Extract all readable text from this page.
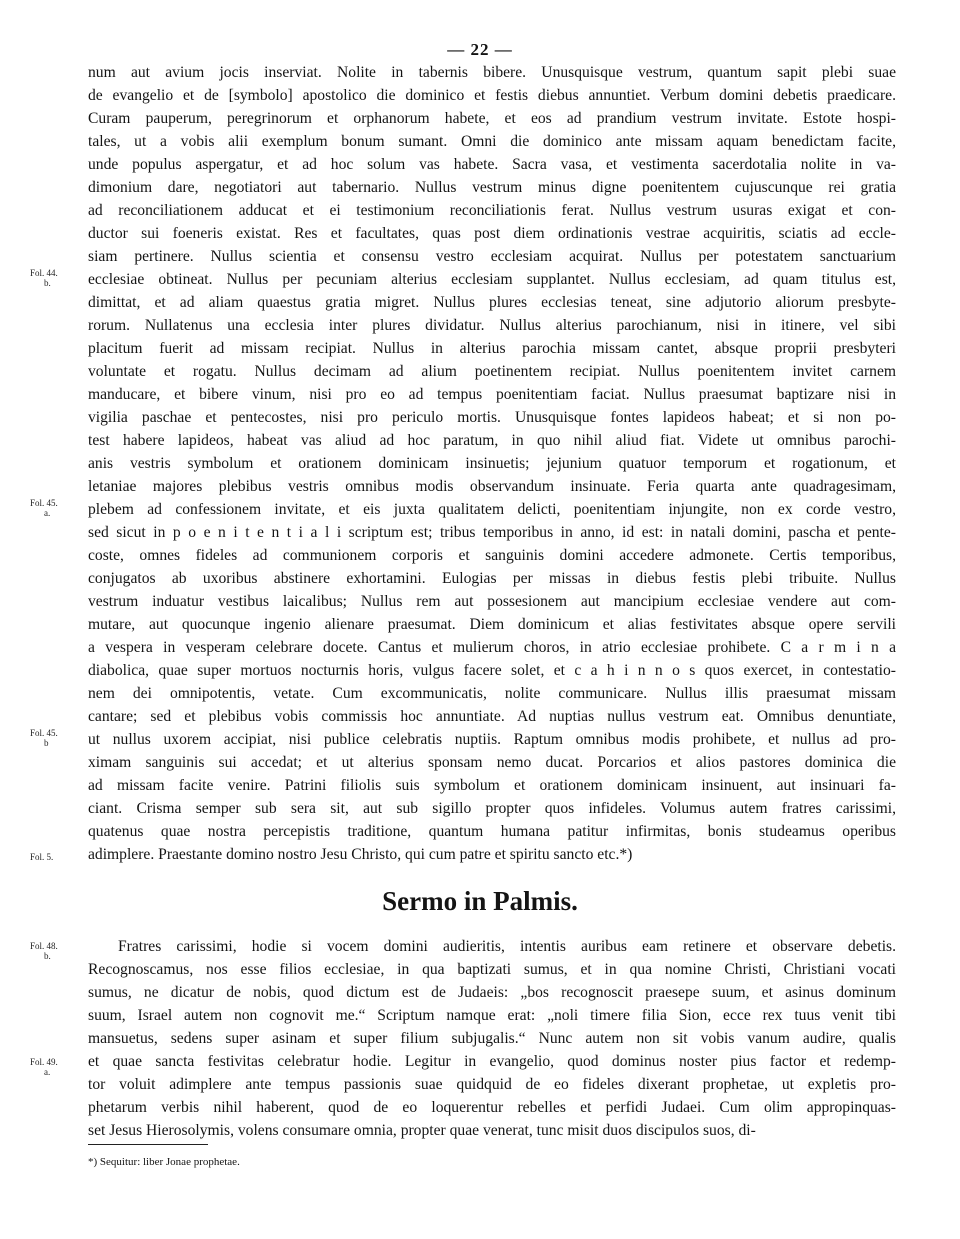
— 22 —
num aut avium jocis inserviat. Nolite in tabernis bibere. Unusquisque vestrum, quantum sapit plebi suae
de evangelio et de [symbolo] apostolico die dominico et festis diebus annuntiet. Verbum domini debetis praedicare.
Curam pauperum, peregrinorum et orphanorum habete, et eos ad prandium vestrum invitate. Estote hospi-
tales, ut a vobis alii exemplum bonum sumant. Omni die dominico ante missam aquam benedictam facite,
unde populus aspergatur, et ad hoc solum vas habete. Sacra vasa, et vestimenta sacerdotalia nolite in va-
dimonium dare, negotiatori aut tabernario. Nullus vestrum minus digne poenitentem cujuscunque rei gratia
ad reconciliationem adducat et ei testimonium reconciliationis ferat. Nullus vestrum usuras exigat et con-
ductor sui foeneris existat. Res et facultates, quas post diem ordinationis vestrae acquiritis, sciatis ad eccle-
siam pertinere. Nullus scientia et consensu vestro ecclesiam acquirat. Nullus per potestatem sanctuarium
ecclesiae obtineat. Nullus per pecuniam alterius ecclesiam supplantet. Nullus ecclesiam, ad quam titulus est,
dimittat, et ad aliam quaestus gratia migret. Nullus plures ecclesias teneat, sine adjutorio aliorum presbyte-
rorum. Nullatenus una ecclesia inter plures dividatur. Nullus alterius parochianum, nisi in itinere, vel sibi
placitum fuerit ad missam recipiat. Nullus in alterius parochia missam cantet, absque proprii presbyteri
voluntate et rogatu. Nullus decimam ad alium poetinentem recipiat. Nullus poenitentem invitet carnem
manducare, et bibere vinum, nisi pro eo ad tempus poenitentiam faciat. Nullus praesumat baptizare nisi in
vigilia paschae et pentecostes, nisi pro periculo mortis. Unusquisque fontes lapideos habeat; et si non po-
test habere lapideos, habeat vas aliud ad hoc paratum, in quo nihil aliud fiat. Videte ut omnibus parochi-
anis vestris symbolum et orationem dominicam insinuetis; jejunium quatuor temporum et rogationum, et
letaniae majores plebibus vestris omnibus modis observandum insinuate. Feria quarta ante quadragesimam,
plebem ad confessionem invitate, et eis juxta qualitatem delicti, poenitentiam injungite, non ex corde vestro,
sed sicut in p o e n i t e n t i a l i scriptum est; tribus temporibus in anno, id est: in natali domini, pascha et pente-
coste, omnes fideles ad communionem corporis et sanguinis domini accedere admonete. Certis temporibus,
conjugatos ab uxoribus abstinere exhortamini. Eulogias per missas in diebus festis plebi tribuite. Nullus
vestrum induatur vestibus laicalibus; Nullus rem aut possesionem aut mancipium ecclesiae vendere aut com-
mutare, aut quocunque ingenio alienare praesumat. Diem dominicum et alias festivitates absque opere servili
a vespera in vesperam celebrare docete. Cantus et mulierum choros, in atrio ecclesiae prohibete. C a r m i n a
diabolica, quae super mortuos nocturnis horis, vulgus facere solet, et c a h i n n o s quos exercet, in contestatio-
nem dei omnipotentis, vetate. Cum excommunicatis, nolite communicare. Nullus illis praesumat missam
cantare; sed et plebibus vobis commissis hoc annuntiate. Ad nuptias nullus vestrum eat. Omnibus denuntiate,
ut nullus uxorem accipiat, nisi publice celebratis nuptiis. Raptum omnibus modis prohibete, et nullus ad pro-
ximam sanguinis sui accedat; et ut alterius sponsam nemo ducat. Porcarios et alios pastores dominica die
ad missam facite venire. Patrini filiolis suis symbolum et orationem dominicam insinuent, aut insinuari fa-
ciant. Crisma semper sub sera sit, aut sub sigillo propter quos infideles. Volumus autem fratres carissimi,
quatenus quae nostra percepistis traditione, quantum humana patitur infirmitas, bonis studeamus operibus
adimplere. Praestante domino nostro Jesu Christo, qui cum patre et spiritu sancto etc.*)
Sermo in Palmis.
Fratres carissimi, hodie si vocem domini audieritis, intentis auribus eam retinere et observare debetis.
Recognoscamus, nos esse filios ecclesiae, in qua baptizati sumus, et in qua nomine Christi, Christiani vocati
sumus, ne dicatur de nobis, quod dictum est de Judaeis: „bos recognoscit praesepe suum, et asinus dominum
suum, Israel autem non cognovit me.“ Scriptum namque erat: „noli timere filia Sion, ecce rex tuus venit tibi
mansuetus, sedens super asinam et super filium subjugalis.“ Nunc autem non sit vobis vanum audire, qualis
et quae sancta festivitas celebratur hodie. Legitur in evangelio, quod dominus noster pius factor et redemp-
tor voluit adimplere ante tempus passionis suae quidquid de eo fideles dixerant prophetae, ut expletis pro-
phetarum verbis nihil haberent, quod de eo loquerentur rebelles et perfidi Judaei. Cum olim appropinquas-
set Jesus Hierosolymis, volens consumare omnia, propter quae venerat, tunc misit duos discipulos suos, di-
Fol. 44.
b.
Fol. 45.
a.
Fol. 45.
b
Fol. 5.
Fol. 48.
b.
Fol. 49.
a.
*) Sequitur: liber Jonae prophetae.
